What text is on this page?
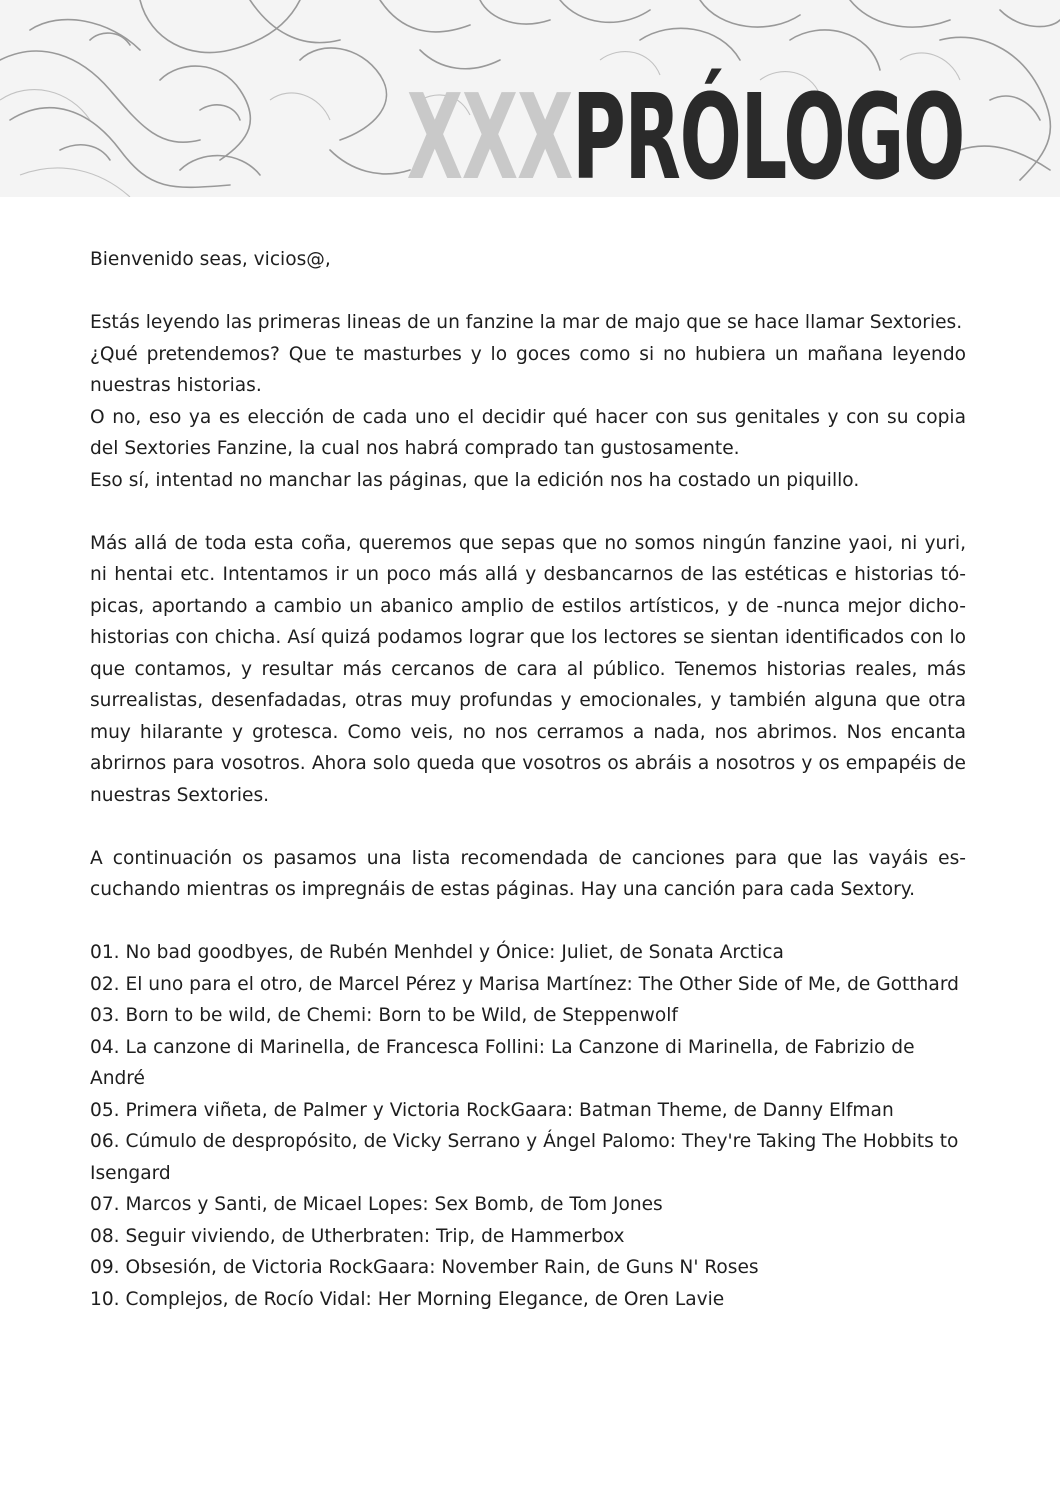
XXX PRÓLOGO

Bienvenido seas, vicios@,

Estás leyendo las primeras lineas de un fanzine la mar de majo que se hace llamar Sextories.

¿Qué pretendemos? Que te masturbes y lo goces como si no hubiera un mañana leyendo nuestras historias.

O no, eso ya es elección de cada uno el decidir qué hacer con sus genitales y con su copia del Sextories Fanzine, la cual nos habrá comprado tan gustosamente.

Eso sí, intentad no manchar las páginas, que la edición nos ha costado un piquillo.

Más allá de toda esta coña, queremos que sepas que no somos ningún fanzine yaoi, ni yuri, ni hentai etc. Intentamos ir un poco más allá y desbancarnos de las estéticas e historias tópicas, aportando a cambio un abanico amplio de estilos artísticos, y de -nunca mejor dicho- historias con chicha. Así quizá podamos lograr que los lectores se sientan identificados con lo que contamos, y resultar más cercanos de cara al público. Tenemos historias reales, más surrealistas, desenfadadas, otras muy profundas y emocionales, y también alguna que otra muy hilarante y grotesca. Como veis, no nos cerramos a nada, nos abrimos. Nos encanta abrirnos para vosotros. Ahora solo queda que vosotros os abráis a nosotros y os empapéis de nuestras Sextories.

A continuación os pasamos una lista recomendada de canciones para que las vayáis escuchando mientras os impregnáis de estas páginas. Hay una canción para cada Sextory.

01. No bad goodbyes, de Rubén Menhdel y Ónice: Juliet, de Sonata Arctica
02. El uno para el otro, de Marcel Pérez y Marisa Martínez: The Other Side of Me, de Gotthard
03. Born to be wild, de Chemi: Born to be Wild, de Steppenwolf
04. La canzone di Marinella, de Francesca Follini: La Canzone di Marinella, de Fabrizio de André
05. Primera viñeta, de Palmer y Victoria RockGaara: Batman Theme, de Danny Elfman
06. Cúmulo de despropósito, de Vicky Serrano y Ángel Palomo: They're Taking The Hobbits to Isengard
07. Marcos y Santi, de Micael Lopes: Sex Bomb, de Tom Jones
08. Seguir viviendo, de Utherbraten: Trip, de Hammerbox
09. Obsesión, de Victoria RockGaara: November Rain, de Guns N' Roses
10. Complejos, de Rocío Vidal: Her Morning Elegance, de Oren Lavie
